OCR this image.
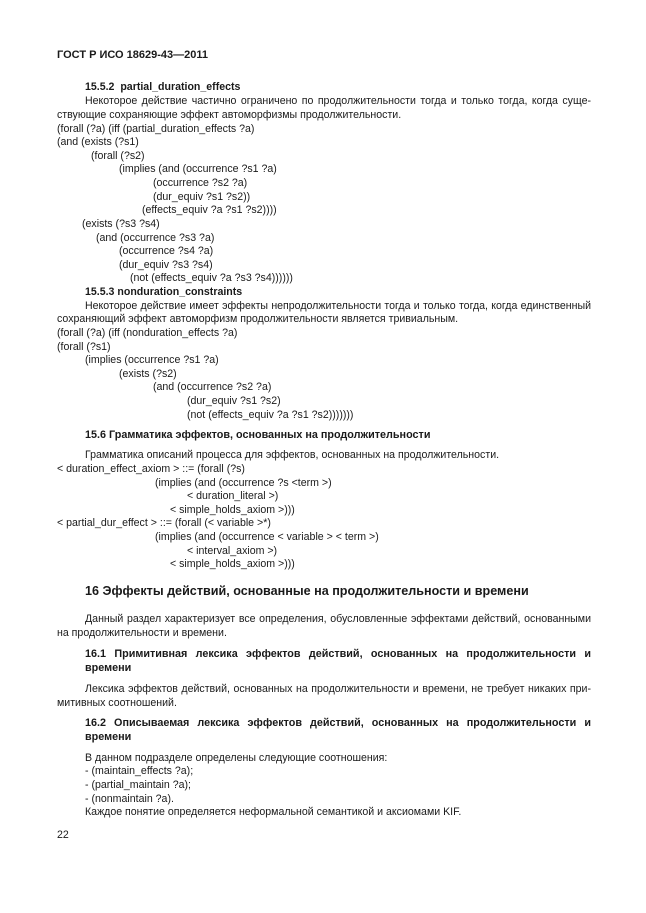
ГОСТ Р ИСО 18629-43—2011
15.5.2  partial_duration_effects
Некоторое действие частично ограничено по продолжительности тогда и только тогда, когда суще-
ствующие сохраняющие эффект автоморфизмы продолжительности.
(forall (?a) (iff (partial_duration_effects ?a)
(and (exists (?s1)
(forall (?s2)
(implies (and (occurrence ?s1 ?a)
(occurrence ?s2 ?a)
(dur_equiv ?s1 ?s2))
(effects_equiv ?a ?s1 ?s2))))
(exists (?s3 ?s4)
(and (occurrence ?s3 ?a)
(occurrence ?s4 ?a)
(dur_equiv ?s3 ?s4)
(not (effects_equiv ?a ?s3 ?s4))))))
15.5.3 nonduration_constraints
Некоторое действие имеет эффекты непродолжительности тогда и только тогда, когда единственный
сохраняющий эффект автоморфизм продолжительности является тривиальным.
(forall (?a) (iff (nonduration_effects ?a)
(forall (?s1)
(implies (occurrence ?s1 ?a)
(exists (?s2)
(and (occurrence ?s2 ?a)
(dur_equiv ?s1 ?s2)
(not (effects_equiv ?a ?s1 ?s2)))))))
15.6 Грамматика эффектов, основанных на продолжительности
Грамматика описаний процесса для эффектов, основанных на продолжительности.
< duration_effect_axiom > ::= (forall (?s)
(implies (and (occurrence ?s <term >)
< duration_literal >)
< simple_holds_axiom >)))
< partial_dur_effect > ::= (forall (< variable >*)
(implies (and (occurrence < variable > < term >)
< interval_axiom >)
< simple_holds_axiom >)))
16 Эффекты действий, основанные на продолжительности и времени
Данный раздел характеризует все определения, обусловленные эффектами действий, основанными
на продолжительности и времени.
16.1 Примитивная лексика эффектов действий, основанных на продолжительности и
времени
Лексика эффектов действий, основанных на продолжительности и времени, не требует никаких при-
митивных соотношений.
16.2 Описываемая лексика эффектов действий, основанных на продолжительности и
времени
В данном подразделе определены следующие соотношения:
- (maintain_effects ?a);
- (partial_maintain ?a);
- (nonmaintain ?a).
Каждое понятие определяется неформальной семантикой и аксиомами KIF.
22
